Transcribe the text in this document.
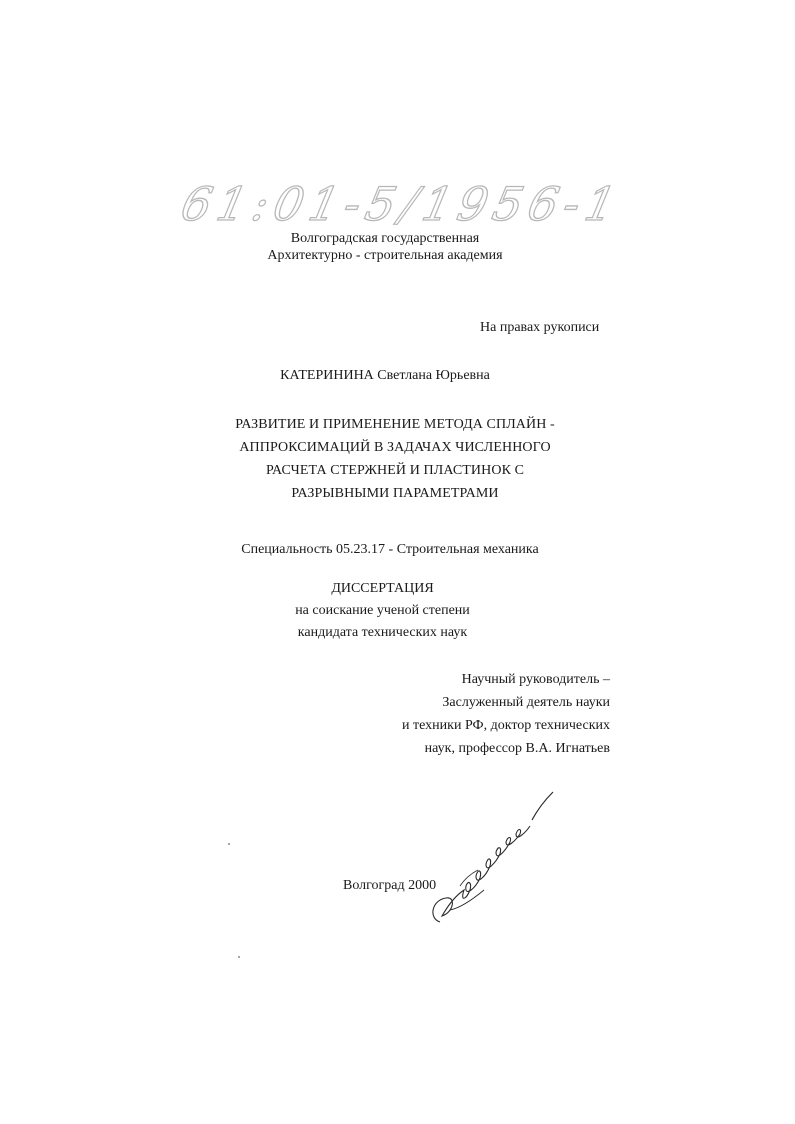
61:01-5/1956-1
Волгоградская государственная
Архитектурно - строительная академия
На правах рукописи
КАТЕРИНИНА Светлана Юрьевна
РАЗВИТИЕ И ПРИМЕНЕНИЕ МЕТОДА СПЛАЙН -
АППРОКСИМАЦИЙ В ЗАДАЧАХ ЧИСЛЕННОГО
РАСЧЕТА СТЕРЖНЕЙ И ПЛАСТИНОК С
РАЗРЫВНЫМИ ПАРАМЕТРАМИ
Специальность 05.23.17 - Строительная механика
ДИССЕРТАЦИЯ
на соискание ученой степени
кандидата технических наук
Научный руководитель –
Заслуженный деятель науки
и техники РФ, доктор технических
наук, профессор В.А. Игнатьев
Волгоград 2000
